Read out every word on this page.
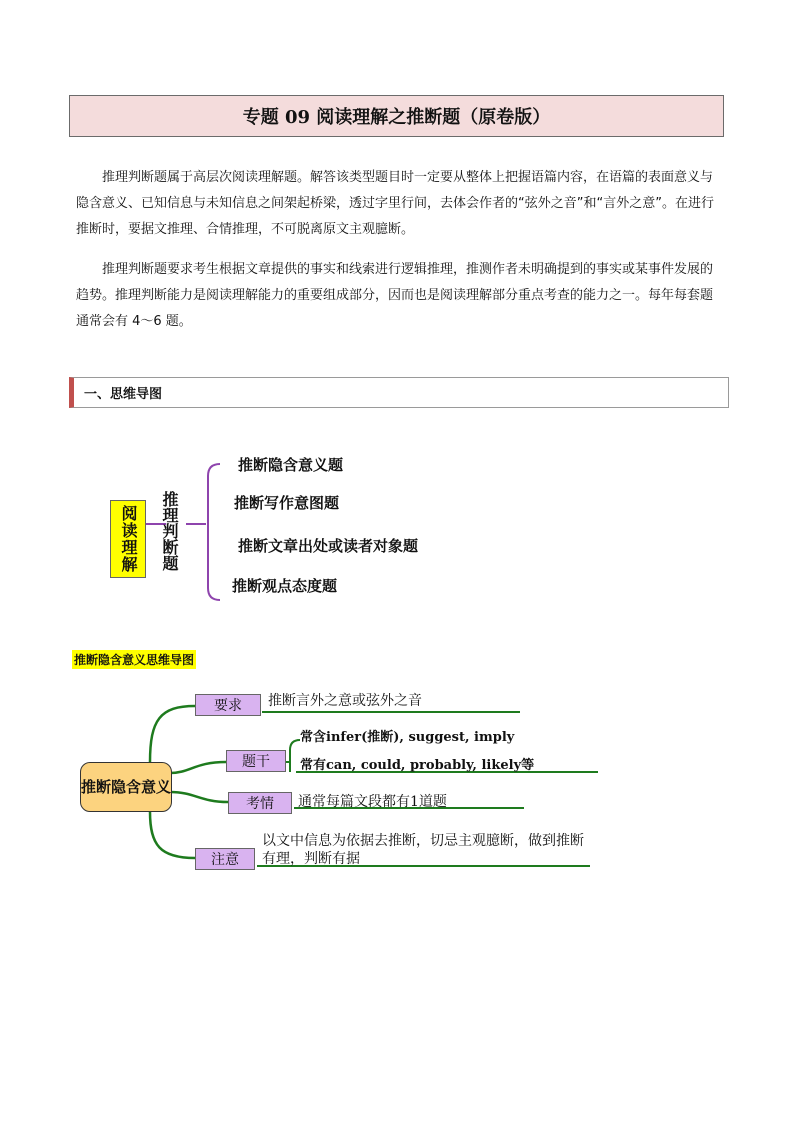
专题 09 阅读理解之推断题（原卷版）

推理判断题属于高层次阅读理解题。解答该类型题目时一定要从整体上把握语篇内容，在语篇的表面意义与隐含意义、已知信息与未知信息之间架起桥梁，透过字里行间，去体会作者的“弦外之音”和“言外之意”。在进行推断时，要据文推理、合情推理，不可脱离原文主观臆断。

推理判断题要求考生根据文章提供的事实和线索进行逻辑推理，推测作者未明确提到的事实或某事件发展的趋势。推理判断能力是阅读理解能力的重要组成部分，因而也是阅读理解部分重点考查的能力之一。每年每套题通常会有 4～6 题。

一、思维导图
阅读理解	推理判断题
推断隐含意义题
推断写作意图题
推断文章出处或读者对象题
推断观点态度题
推断隐含意义思维导图
推断隐含意义
要求	推断言外之意或弦外之音
题干
常含infer(推断), suggest, imply
常有can, could, probably, likely等
考情	通常每篇文段都有1道题
注意
以文中信息为依据去推断，切忌主观臆断，做到推断有理，判断有据
